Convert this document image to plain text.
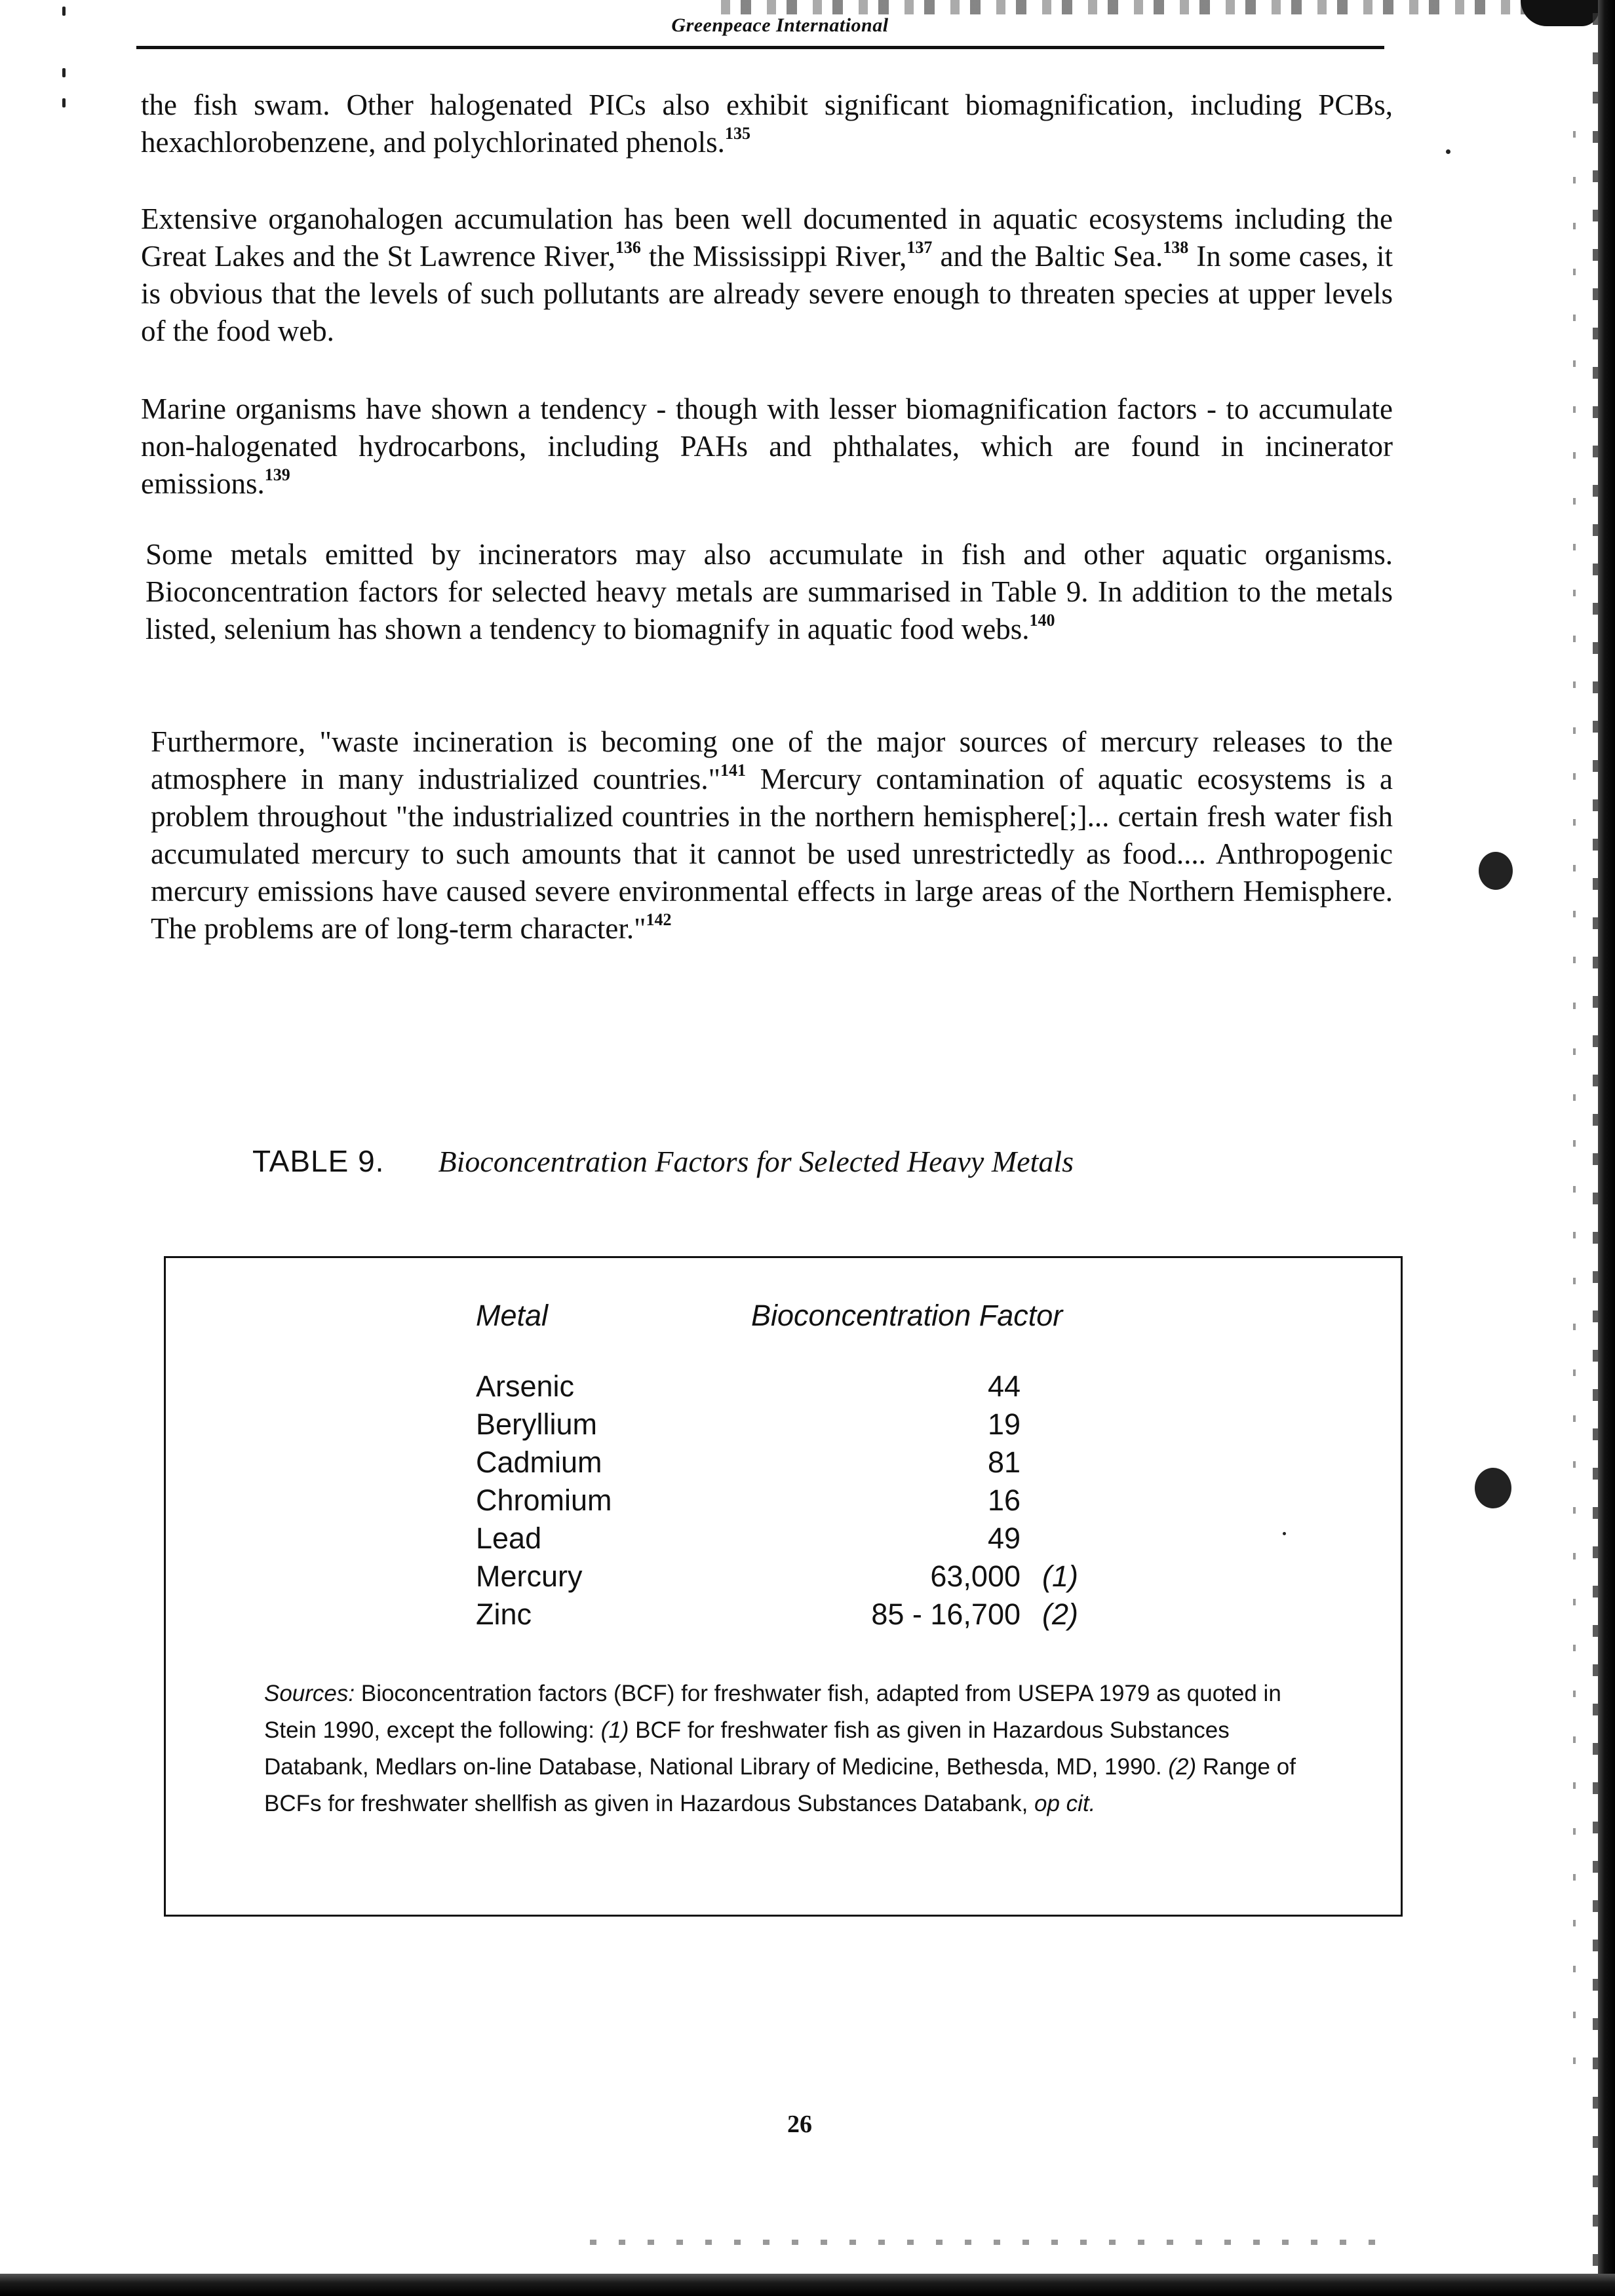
Greenpeace International

the fish swam. Other halogenated PICs also exhibit significant biomagnification, including PCBs, hexachlorobenzene, and polychlorinated phenols.$^{135}$

Extensive organohalogen accumulation has been well documented in aquatic ecosystems including the Great Lakes and the St Lawrence River,$^{136}$ the Mississippi River,$^{137}$ and the Baltic Sea.$^{138}$ In some cases, it is obvious that the levels of such pollutants are already severe enough to threaten species at upper levels of the food web.

Marine organisms have shown a tendency - though with lesser biomagnification factors - to accumulate non-halogenated hydrocarbons, including PAHs and phthalates, which are found in incinerator emissions.$^{139}$

Some metals emitted by incinerators may also accumulate in fish and other aquatic organisms. Bioconcentration factors for selected heavy metals are summarised in Table 9. In addition to the metals listed, selenium has shown a tendency to biomagnify in aquatic food webs.$^{140}$

Furthermore, "waste incineration is becoming one of the major sources of mercury releases to the atmosphere in many industrialized countries."$^{141}$ Mercury contamination of aquatic ecosystems is a problem throughout "the industrialized countries in the northern hemisphere[;]... certain fresh water fish accumulated mercury to such amounts that it cannot be used unrestrictedly as food.... Anthropogenic mercury emissions have caused severe environmental effects in large areas of the Northern Hemisphere. The problems are of long-term character."$^{142}$

TABLE 9. Bioconcentration Factors for Selected Heavy Metals
Metal	Bioconcentration Factor
Arsenic	44
Beryllium	19
Cadmium	81
Chromium	16
Lead	49
Mercury	63,000 (1)
Zinc	85 - 16,700 (2)

Sources: Bioconcentration factors (BCF) for freshwater fish, adapted from USEPA 1979 as quoted in Stein 1990, except the following: (1) BCF for freshwater fish as given in Hazardous Substances Databank, Medlars on-line Database, National Library of Medicine, Bethesda, MD, 1990. (2) Range of BCFs for freshwater shellfish as given in Hazardous Substances Databank, op cit.

26
